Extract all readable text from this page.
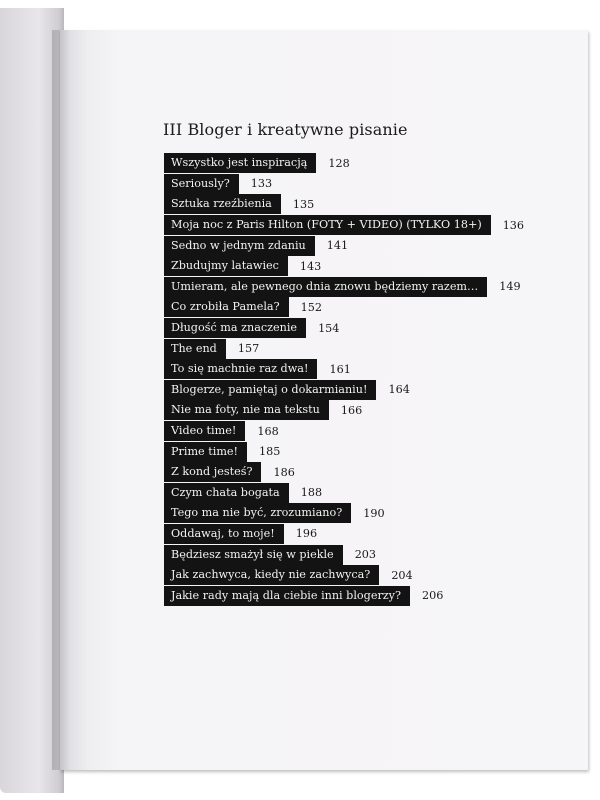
III Bloger i kreatywne pisanie
Wszystko jest inspiracją	128
Seriously?	133
Sztuka rzeźbienia	135
Moja noc z Paris Hilton (FOTY + VIDEO) (TYLKO 18+)	136
Sedno w jednym zdaniu	141
Zbudujmy latawiec	143
Umieram, ale pewnego dnia znowu będziemy razem…	149
Co zrobiła Pamela?	152
Długość ma znaczenie	154
The end	157
To się machnie raz dwa!	161
Blogerze, pamiętaj o dokarmianiu!	164
Nie ma foty, nie ma tekstu	166
Video time!	168
Prime time!	185
Z kond jesteś?	186
Czym chata bogata	188
Tego ma nie być, zrozumiano?	190
Oddawaj, to moje!	196
Będziesz smażył się w piekle	203
Jak zachwyca, kiedy nie zachwyca?	204
Jakie rady mają dla ciebie inni blogerzy?	206
